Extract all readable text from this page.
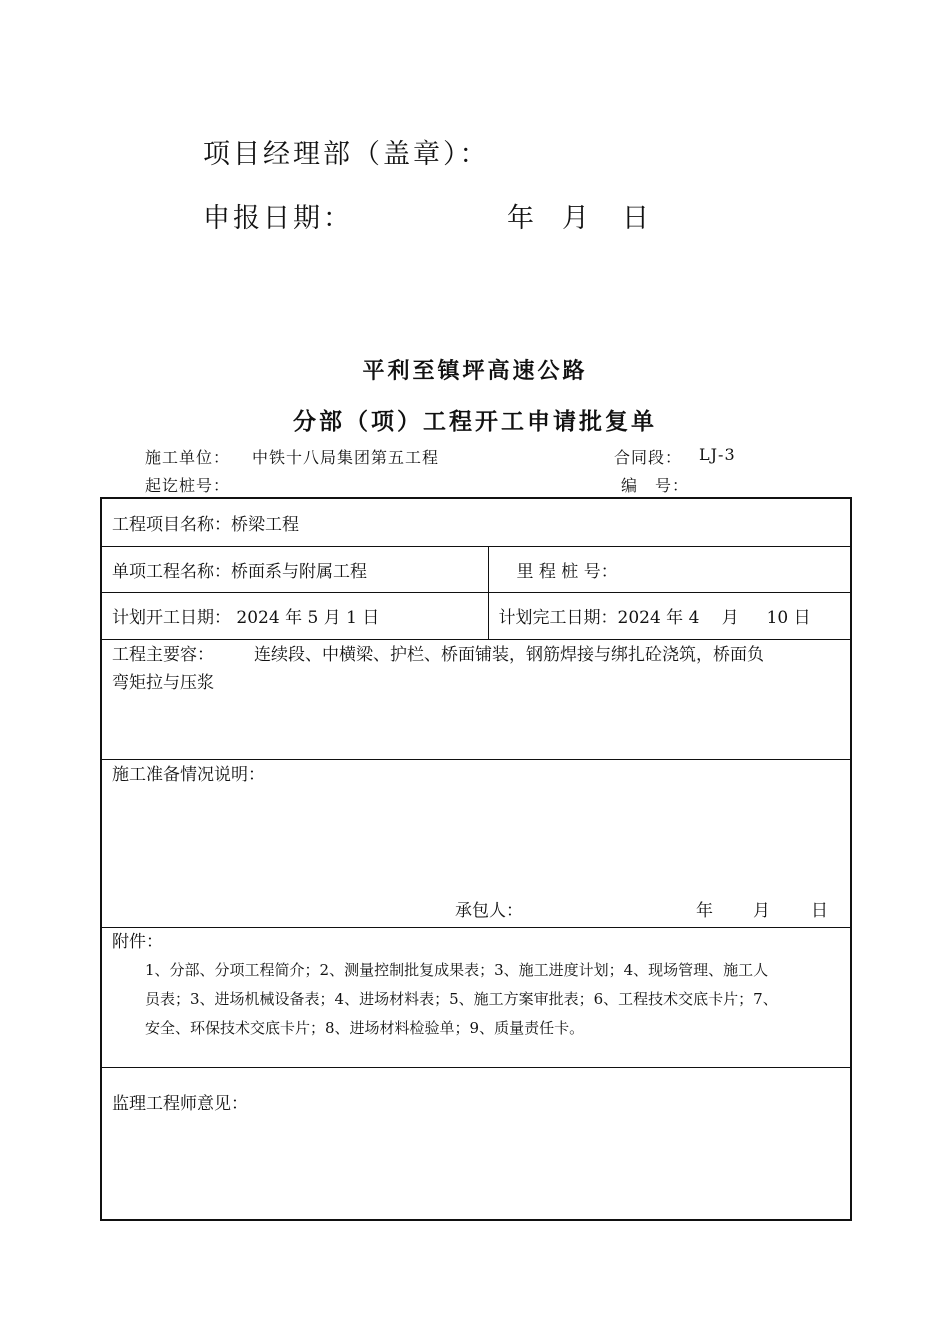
项目经理部（盖章）：
申报日期：	年 月 日
平利至镇坪高速公路
分部（项）工程开工申请批复单
施工单位： 中铁十八局集团第五工程	合同段： LJ-3
起讫桩号：	编　号：
工程项目名称：桥梁工程	
单项工程名称：桥面系与附属工程	里 程 桩 号：
计划开工日期： 2024 年 5 月 1 日	计划完工日期：2024 年 4　 月　  10 日

工程主要容： 连续段、中横梁、护栏、桥面铺装，钢筋焊接与绑扎砼浇筑，桥面负
弯矩拉与压浆	

施工准备情况说明：
承包人： 年 月 日	

附件：
1、分部、分项工程简介；2、测量控制批复成果表；3、施工进度计划；4、现场管理、施工人
员表；3、进场机械设备表；4、进场材料表；5、施工方案审批表；6、工程技术交底卡片；7、
安全、环保技术交底卡片；8、进场材料检验单；9、质量责任卡。	

监理工程师意见：	
